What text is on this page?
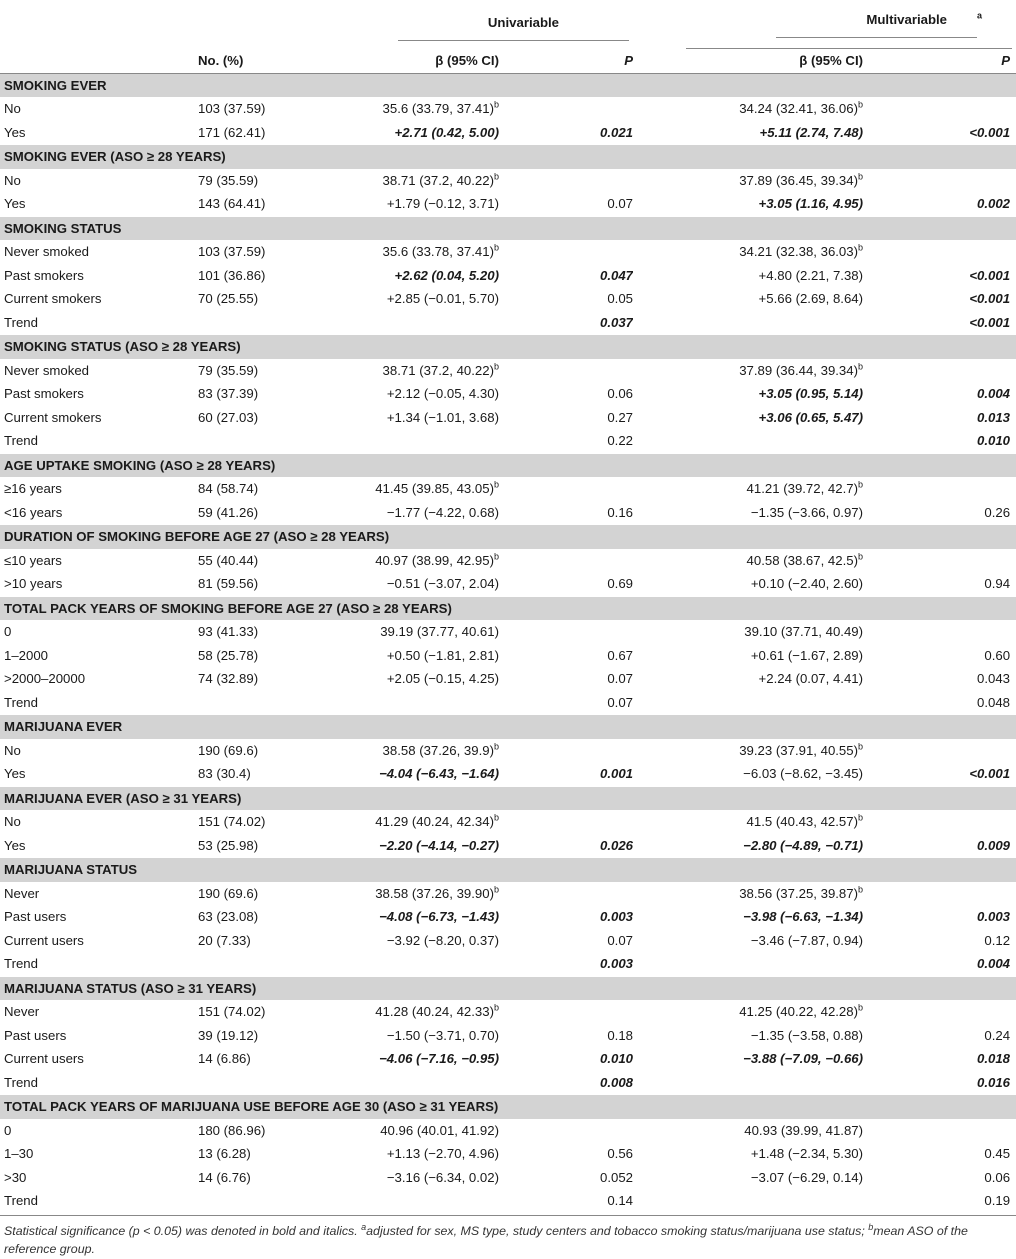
		Univariable		Multivariable $^a$
	No. (%)	β (95% CI)	P	β (95% CI)	P
SMOKING EVER					
No	103 (37.59)	35.6 (33.79, 37.41)$^b$		34.24 (32.41, 36.06)$^b$	
Yes	171 (62.41)	+2.71 (0.42, 5.00)	0.021	+5.11 (2.74, 7.48)	<0.001
SMOKING EVER (ASO ≥ 28 YEARS)					
No	79 (35.59)	38.71 (37.2, 40.22)$^b$		37.89 (36.45, 39.34)$^b$	
Yes	143 (64.41)	+1.79 (−0.12, 3.71)	0.07	+3.05 (1.16, 4.95)	0.002
SMOKING STATUS					
Never smoked	103 (37.59)	35.6 (33.78, 37.41)$^b$		34.21 (32.38, 36.03)$^b$	
Past smokers	101 (36.86)	+2.62 (0.04, 5.20)	0.047	+4.80 (2.21, 7.38)	<0.001
Current smokers	70 (25.55)	+2.85 (−0.01, 5.70)	0.05	+5.66 (2.69, 8.64)	<0.001
Trend			0.037		<0.001
SMOKING STATUS (ASO ≥ 28 YEARS)					
Never smoked	79 (35.59)	38.71 (37.2, 40.22)$^b$		37.89 (36.44, 39.34)$^b$	
Past smokers	83 (37.39)	+2.12 (−0.05, 4.30)	0.06	+3.05 (0.95, 5.14)	0.004
Current smokers	60 (27.03)	+1.34 (−1.01, 3.68)	0.27	+3.06 (0.65, 5.47)	0.013
Trend			0.22		0.010
AGE UPTAKE SMOKING (ASO ≥ 28 YEARS)					
≥16 years	84 (58.74)	41.45 (39.85, 43.05)$^b$		41.21 (39.72, 42.7)$^b$	
<16 years	59 (41.26)	−1.77 (−4.22, 0.68)	0.16	−1.35 (−3.66, 0.97)	0.26
DURATION OF SMOKING BEFORE AGE 27 (ASO ≥ 28 YEARS)					
≤10 years	55 (40.44)	40.97 (38.99, 42.95)$^b$		40.58 (38.67, 42.5)$^b$	
>10 years	81 (59.56)	−0.51 (−3.07, 2.04)	0.69	+0.10 (−2.40, 2.60)	0.94
TOTAL PACK YEARS OF SMOKING BEFORE AGE 27 (ASO ≥ 28 YEARS)					
0	93 (41.33)	39.19 (37.77, 40.61)		39.10 (37.71, 40.49)	
1–2000	58 (25.78)	+0.50 (−1.81, 2.81)	0.67	+0.61 (−1.67, 2.89)	0.60
>2000–20000	74 (32.89)	+2.05 (−0.15, 4.25)	0.07	+2.24 (0.07, 4.41)	0.043
Trend			0.07		0.048
MARIJUANA EVER					
No	190 (69.6)	38.58 (37.26, 39.9)$^b$		39.23 (37.91, 40.55)$^b$	
Yes	83 (30.4)	−4.04 (−6.43, −1.64)	0.001	−6.03 (−8.62, −3.45)	<0.001
MARIJUANA EVER (ASO ≥ 31 YEARS)					
No	151 (74.02)	41.29 (40.24, 42.34)$^b$		41.5 (40.43, 42.57)$^b$	
Yes	53 (25.98)	−2.20 (−4.14, −0.27)	0.026	−2.80 (−4.89, −0.71)	0.009
MARIJUANA STATUS					
Never	190 (69.6)	38.58 (37.26, 39.90)$^b$		38.56 (37.25, 39.87)$^b$	
Past users	63 (23.08)	−4.08 (−6.73, −1.43)	0.003	−3.98 (−6.63, −1.34)	0.003
Current users	20 (7.33)	−3.92 (−8.20, 0.37)	0.07	−3.46 (−7.87, 0.94)	0.12
Trend			0.003		0.004
MARIJUANA STATUS (ASO ≥ 31 YEARS)					
Never	151 (74.02)	41.28 (40.24, 42.33)$^b$		41.25 (40.22, 42.28)$^b$	
Past users	39 (19.12)	−1.50 (−3.71, 0.70)	0.18	−1.35 (−3.58, 0.88)	0.24
Current users	14 (6.86)	−4.06 (−7.16, −0.95)	0.010	−3.88 (−7.09, −0.66)	0.018
Trend			0.008		0.016
TOTAL PACK YEARS OF MARIJUANA USE BEFORE AGE 30 (ASO ≥ 31 YEARS)					
0	180 (86.96)	40.96 (40.01, 41.92)		40.93 (39.99, 41.87)	
1–30	13 (6.28)	+1.13 (−2.70, 4.96)	0.56	+1.48 (−2.34, 5.30)	0.45
>30	14 (6.76)	−3.16 (−6.34, 0.02)	0.052	−3.07 (−6.29, 0.14)	0.06
Trend			0.14		0.19
Statistical significance (p < 0.05) was denoted in bold and italics. $^a$adjusted for sex, MS type, study centers and tobacco smoking status/marijuana use status; $^b$mean ASO of the reference group.
